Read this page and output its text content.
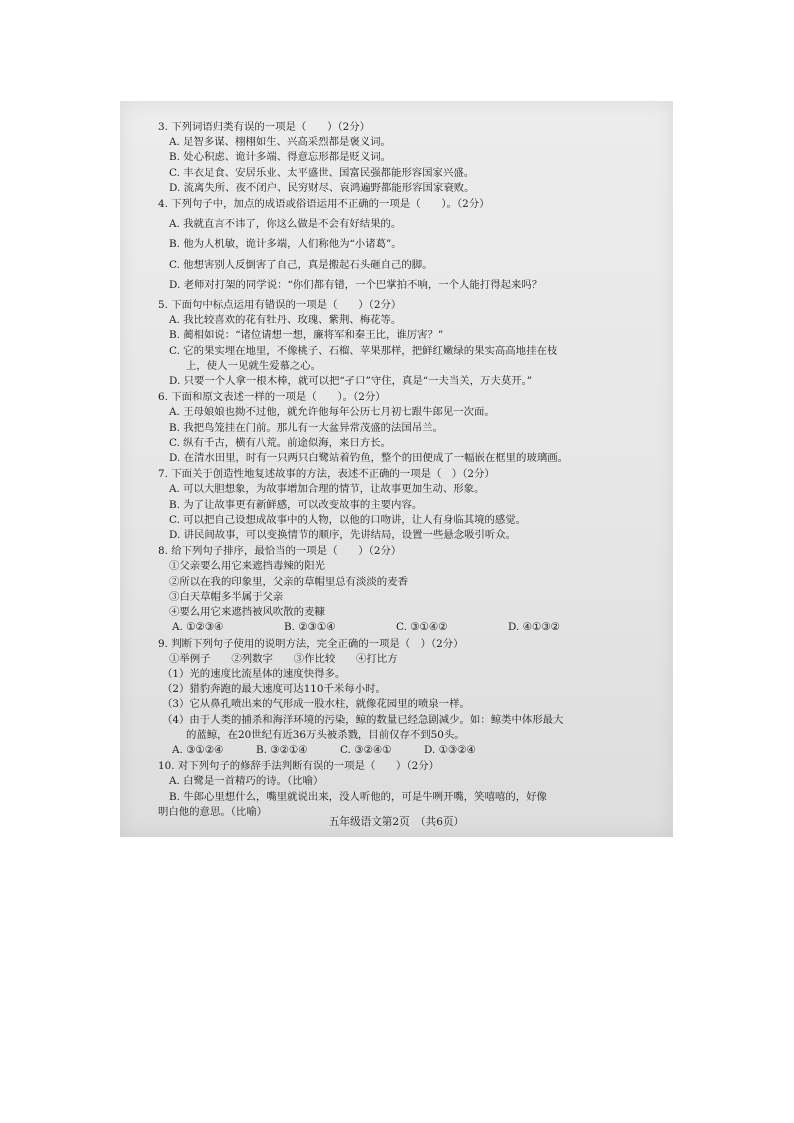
3. 下列词语归类有误的一项是（　　）（2分）

A. 足智多谋、栩栩如生、兴高采烈都是褒义词。

B. 处心积虑、诡计多端、得意忘形都是贬义词。

C. 丰衣足食、安居乐业、太平盛世、国富民强都能形容国家兴盛。

D. 流离失所、夜不闭户、民穷财尽、哀鸿遍野都能形容国家衰败。

4. 下列句子中，加点的成语或俗语运用不正确的一项是（　　）。（2分）

A. 我就直言不讳了，你这么做是不会有好结果的。

B. 他为人机敏，诡计多端，人们称他为“小诸葛”。

C. 他想害别人反倒害了自己，真是搬起石头砸自己的脚。

D. 老师对打架的同学说：“你们都有错，一个巴掌拍不响，一个人能打得起来吗？

5. 下面句中标点运用有错误的一项是（　　）（2分）

A. 我比较喜欢的花有牡丹、玫瑰、紫荆、梅花等。

B. 蔺相如说：“诸位请想一想，廉将军和秦王比，谁厉害？”

C. 它的果实埋在地里，不像桃子、石榴、苹果那样，把鲜红嫩绿的果实高高地挂在枝

上，使人一见就生爱慕之心。

D. 只要一个人拿一根木棒，就可以把“孑口”守住，真是“一夫当关，万夫莫开。”

6. 下面和原文表述一样的一项是（　　）。（2分）

A. 王母娘娘也拗不过他，就允许他每年公历七月初七跟牛郎见一次面。

B. 我把鸟笼挂在门前。那儿有一大盆异常茂盛的法国吊兰。

C. 纵有千古，横有八荒。前途似海，来日方长。

D. 在清水田里，时有一只两只白鹭站着钓鱼，整个的田便成了一幅嵌在框里的玻璃画。

7. 下面关于创造性地复述故事的方法，表述不正确的一项是（　）（2分）

A. 可以大胆想象，为故事增加合理的情节，让故事更加生动、形象。

B. 为了让故事更有新鲜感，可以改变故事的主要内容。

C. 可以把自己设想成故事中的人物，以他的口吻讲，让人有身临其境的感觉。

D. 讲民间故事，可以变换情节的顺序，先讲结局，设置一些悬念吸引听众。

8. 给下列句子排序，最恰当的一项是（　　）（2分）

①父亲要么用它来遮挡毒辣的阳光

②所以在我的印象里，父亲的草帽里总有淡淡的麦香

③白天草帽多半属于父亲

④要么用它来遮挡被风吹散的麦糠

A. ①②③④	B. ②③①④	C. ③①④②	D. ④①③②

9. 判断下列句子使用的说明方法，完全正确的一项是（　）（2分）

①举例子　　②列数字　　③作比较　　④打比方

（1）光的速度比流星体的速度快得多。

（2）猎豹奔跑的最大速度可达110千米每小时。

（3）它从鼻孔喷出来的气形成一股水柱，就像花园里的喷泉一样。

（4）由于人类的捕杀和海洋环境的污染，鲸的数量已经急剧减少。如：鲸类中体形最大

的蓝鲸，在20世纪有近36万头被杀戮，目前仅存不到50头。

A. ③①②④	B. ③②①④	C. ③②④①	D. ①③②④

10. 对下列句子的修辞手法判断有误的一项是（　　）（2分）

A. 白鹭是一首精巧的诗。（比喻）

B. 牛郎心里想什么，嘴里就说出来，没人听他的，可是牛咧开嘴，笑嘻嘻的，好像

明白他的意思。（比喻）

五年级语文第2页　（共6页）
